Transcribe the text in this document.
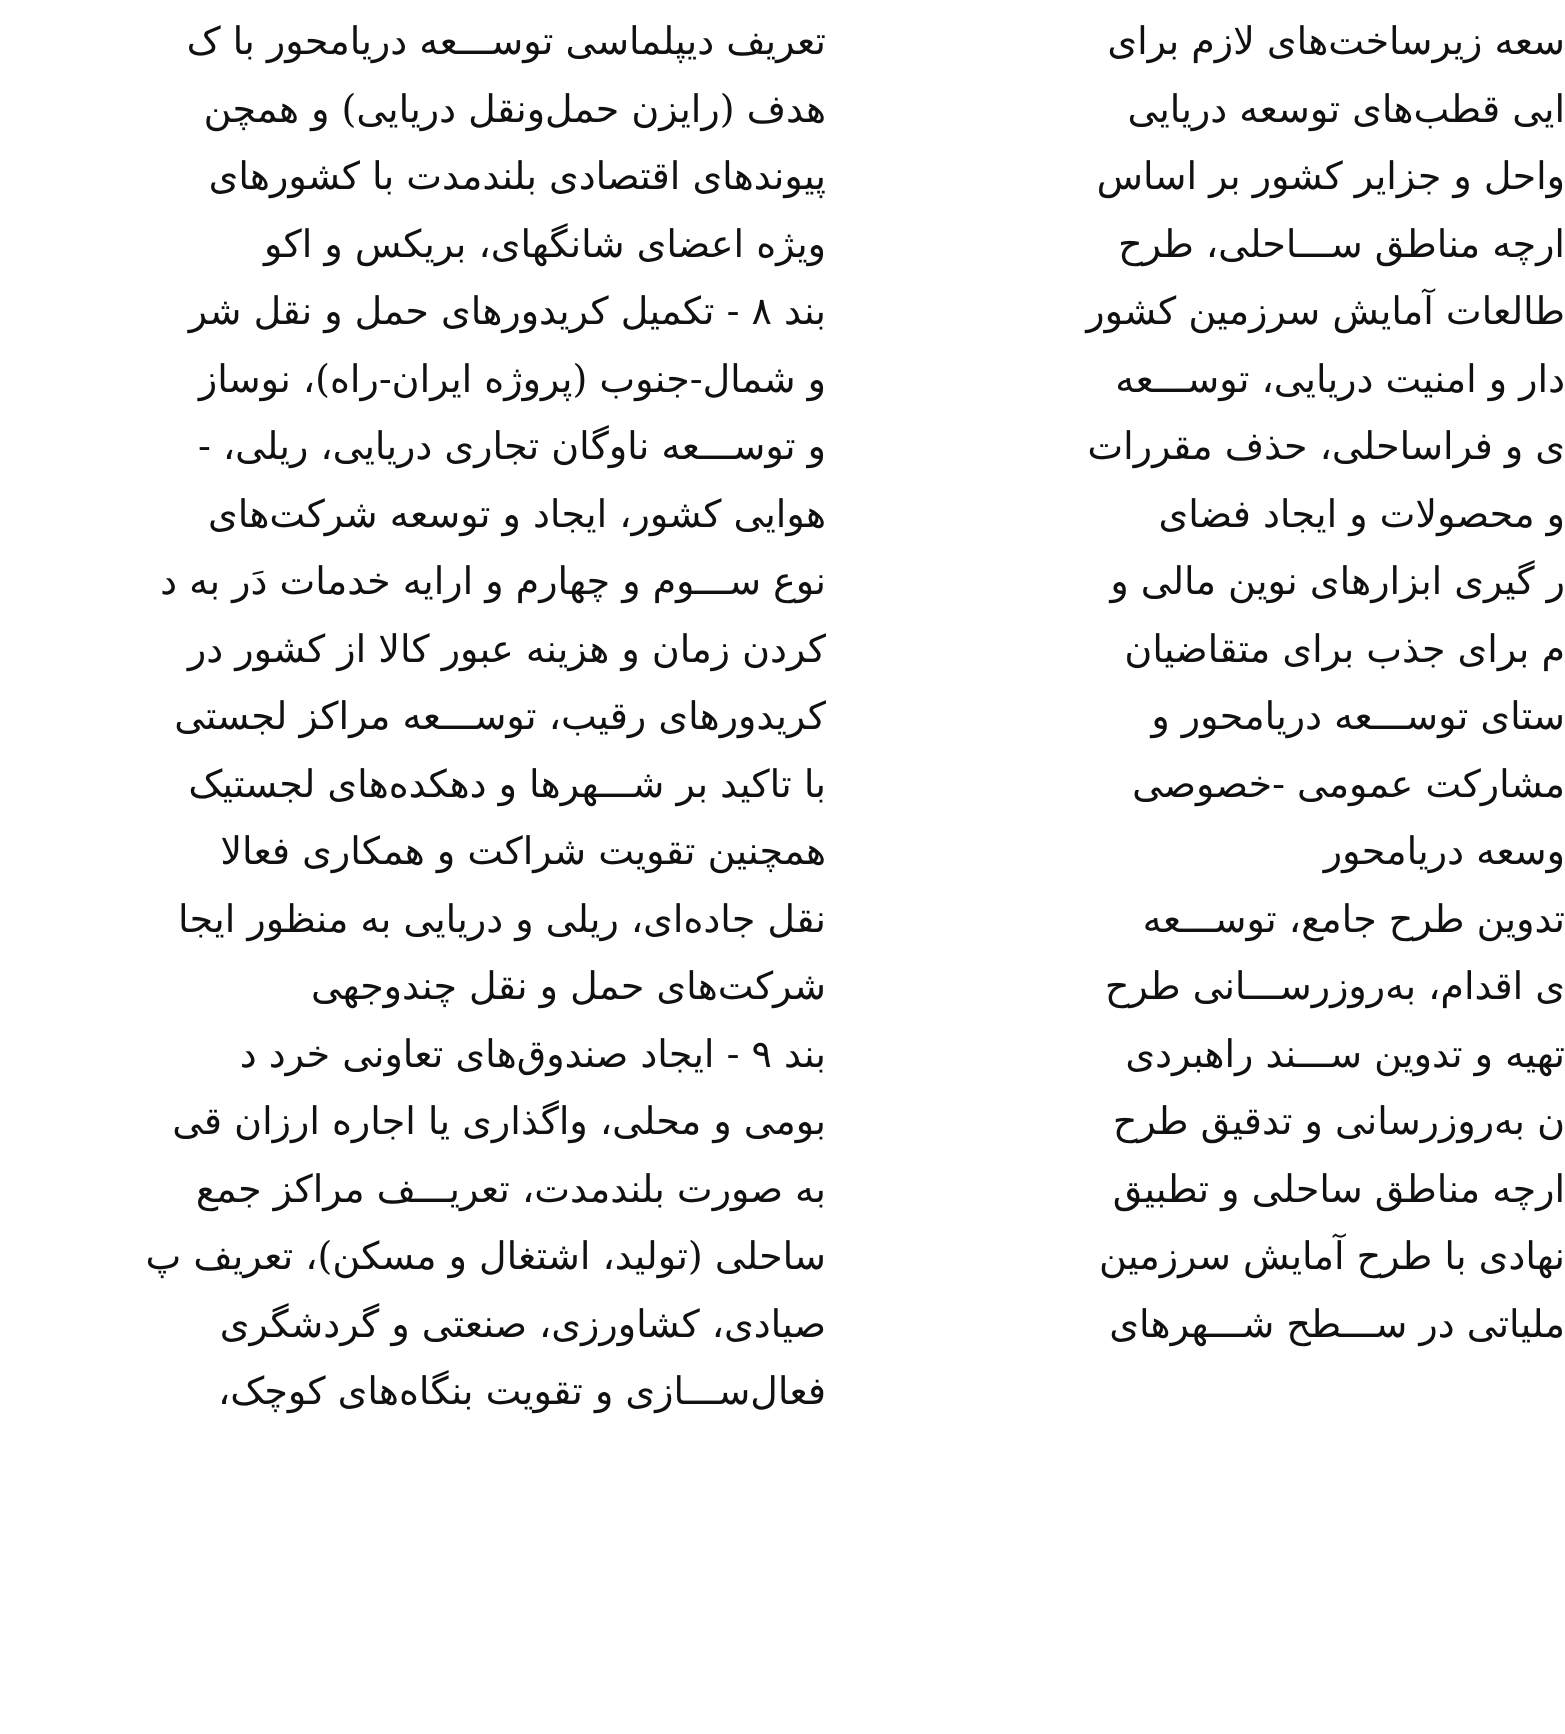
تعریف دیپلماسی توســـعه دریامحور با ک
هدف (رایزن حمل‌ونقل دریایی) و همچن
پیوندهای اقتصادی بلندمدت با کشورهای
ویژه اعضای شانگهای، بریکس و اکو
بند ۸ - تکمیل کریدورهای حمل و نقل شر
و شمال-جنوب (پروژه ایران-راه)، نوساز
و توســـعه ناوگان تجاری دریایی، ریلی، -
هوایی کشور، ایجاد و توسعه شرکت‌های
نوع ســـوم و چهارم و ارایه خدمات دَر به د
کردن زمان و هزینه عبور کالا از کشور در
کریدورهای رقیب، توســـعه مراکز لجستی
با تاکید بر شـــهرها و دهکده‌های لجستیک
همچنین تقویت شراکت و همکاری فعالا
نقل جاده‌ای، ریلی و دریایی به منظور ایجا
شرکت‌های حمل و نقل چندوجهی
بند ۹ - ایجاد صندوق‌های تعاونی خرد د
بومی و محلی، واگذاری یا اجاره ارزان قی
به صورت بلندمدت، تعریـــف مراکز جمع
ساحلی (تولید، اشتغال و مسکن)، تعریف پ
صیادی، کشاورزی، صنعتی و گردشگری
فعال‌ســـازی و تقویت بنگاه‌های کوچک،
سعه زیرساخت‌های لازم برای
ایی قطب‌های توسعه دریایی
واحل و جزایر کشور بر اساس
ارچه مناطق ســـاحلی، طرح
طالعات آمایش سرزمین کشور
دار و امنیت دریایی، توســـعه
ی و فراساحلی، حذف مقررات
و محصولات و ایجاد فضای
ر گیری ابزارهای نوین مالی و
م برای جذب برای متقاضیان
ستای توســـعه دریامحور و
مشارکت عمومی -خصوصی
وسعه دریامحور
تدوین طرح جامع، توســـعه
ی اقدام، به‌روزرســـانی طرح
تهیه و تدوین ســـند راهبردی
ن به‌روزرسانی و تدقیق طرح
ارچه مناطق ساحلی و تطبیق
نهادی با طرح آمایش سرزمین
ملیاتی در ســـطح شـــهرهای
